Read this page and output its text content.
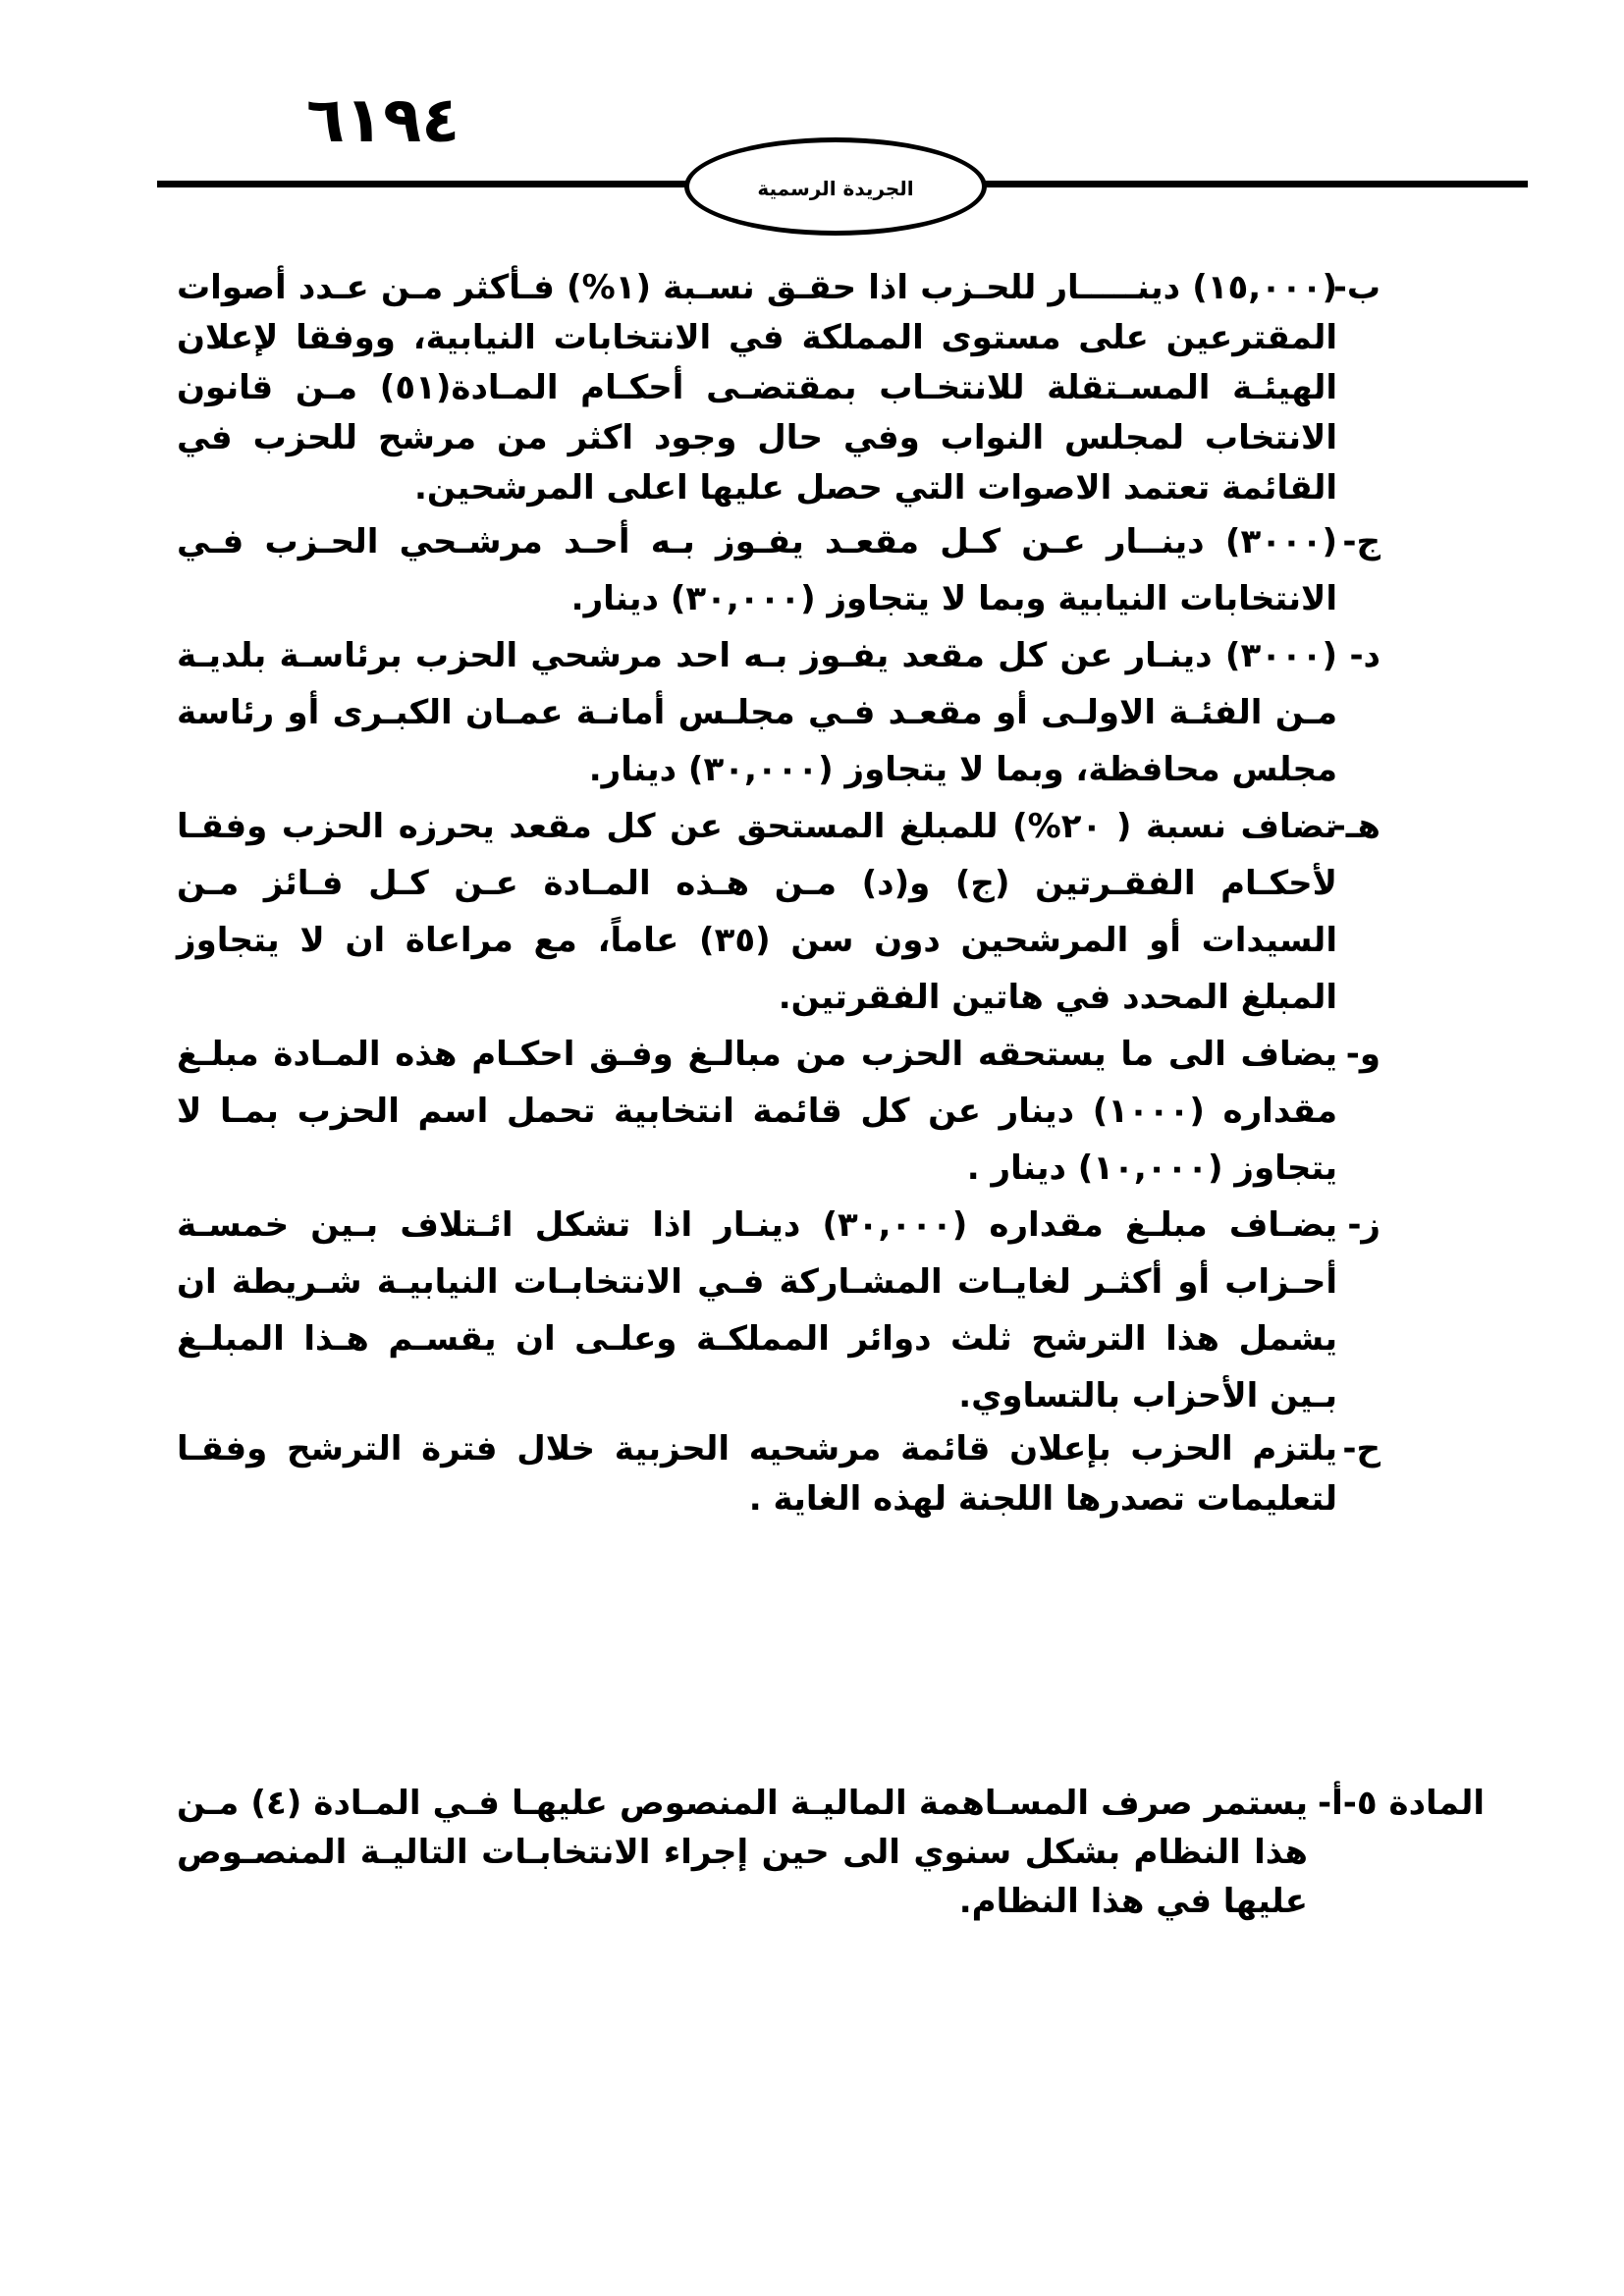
٦١٩٤
الجريدة الرسمية
ب-

(١٥,٠٠٠) دينـــــار للحـزب اذا حقـق نسـبة (١%) فـأكثر مـن عـدد أصوات المقترعين على مستوى المملكة في الانتخابات النيابية، ووفقا لإعلان الهيئـة المسـتقلة للانتخـاب بمقتضـى أحكـام المـادة(٥١) مـن قانون الانتخاب لمجلس النواب وفي حال وجود اكثر من مرشح للحزب في القائمة تعتمد الاصوات التي حصل عليها اعلى المرشحين.

ج-

(٣٠٠٠) دينــار عـن كـل مقعـد يفـوز بـه أحـد مرشـحي الحـزب فـي الانتخابات النيابية وبما لا يتجاوز (٣٠,٠٠٠) دينار.

د-

(٣٠٠٠) دينـار عن كل مقعد يفـوز بـه احد مرشحي الحزب برئاسـة بلديـة مـن الفئـة الاولـى أو مقعـد فـي مجلـس أمانـة عمـان الكبـرى أو رئاسة مجلس محافظة، وبما لا يتجاوز (٣٠,٠٠٠) دينار.

هـ-

تضاف نسبة ( ٢٠%) للمبلغ المستحق عن كل مقعد يحرزه الحزب وفقـا لأحكـام الفقـرتين (ج) و(د) مـن هـذه المـادة عـن كـل فـائز مـن السيدات أو المرشحين دون سن (٣٥) عاماً، مع مراعاة ان لا يتجاوز المبلغ المحدد في هاتين الفقرتين.

و-

يضاف الى ما يستحقه الحزب من مبالـغ وفـق احكـام هذه المـادة مبلـغ مقداره (١٠٠٠) دينار عن كل قائمة انتخابية تحمل اسم الحزب بمـا لا يتجاوز (١٠,٠٠٠) دينار .

ز-

يضـاف مبلـغ مقداره (٣٠,٠٠٠) دينـار اذا تشكل ائـتلاف بـين خمسـة أحـزاب أو أكثـر لغايـات المشـاركة فـي الانتخابـات النيابيـة شـريطة ان يشمل هذا الترشح ثلث دوائر المملكـة وعلـى ان يقسـم هـذا المبلـغ بـين الأحزاب بالتساوي.

ح-

يلتزم الحزب بإعلان قائمة مرشحيه الحزبية خلال فترة الترشح وفقـا لتعليمات تصدرها اللجنة لهذه الغاية .

المادة ٥-أ-

يستمر صرف المسـاهمة الماليـة المنصوص عليهـا فـي المـادة (٤) مـن هذا النظام بشكل سنوي الى حين إجراء الانتخابـات التاليـة المنصـوص عليها في هذا النظام.
